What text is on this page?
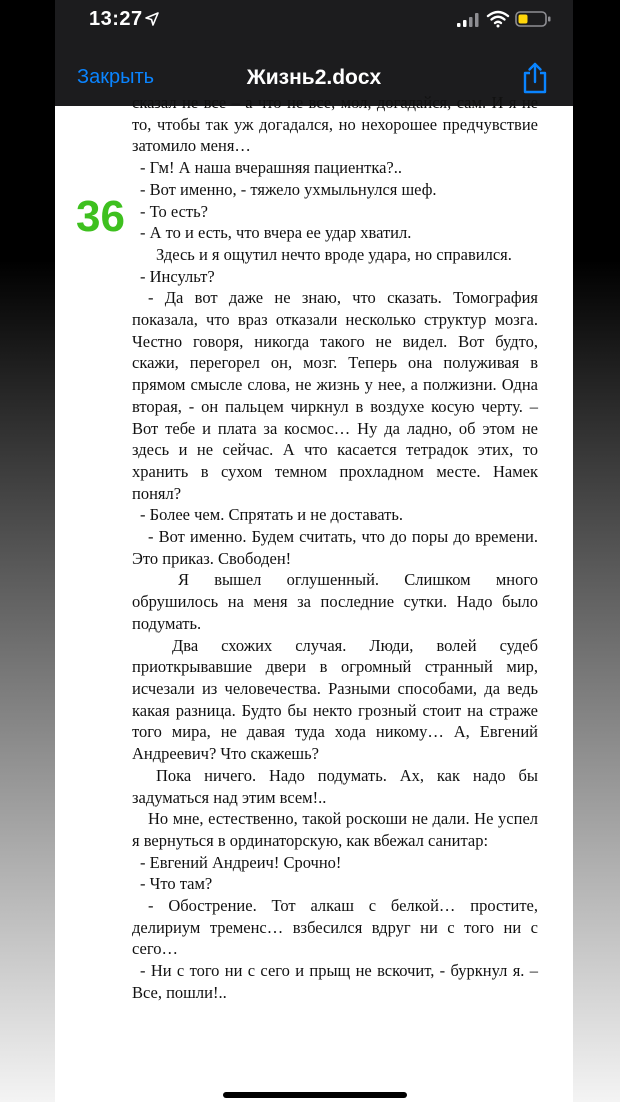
13:27
Закрыть	Жизнь2.docx

сказал не все – а что не все, мол, догадайся, сам. И я не то, чтобы так уж догадался, но нехорошее предчувствие затомило меня…

- Гм! А наша вчерашняя пациентка?..

- Вот именно, - тяжело ухмыльнулся шеф.

- То есть?

- А то и есть, что вчера ее удар хватил.

Здесь и я ощутил нечто вроде удара, но справился.

- Инсульт?

- Да вот даже не знаю, что сказать. Томография показала, что враз отказали несколько структур мозга. Честно говоря, никогда такого не видел. Вот будто, скажи, перегорел он, мозг. Теперь она полуживая в прямом смысле слова, не жизнь у нее, а полжизни. Одна вторая, - он пальцем чиркнул в воздухе косую черту. – Вот тебе и плата за космос… Ну да ладно, об этом не здесь и не сейчас. А что касается тетрадок этих, то хранить в сухом темном прохладном месте. Намек понял?

- Более чем. Спрятать и не доставать.

- Вот именно. Будем считать, что до поры до времени. Это приказ. Свободен!

Я вышел оглушенный. Слишком много обрушилось на меня за последние сутки. Надо было подумать.

Два схожих случая. Люди, волей судеб приоткрывавшие двери в огромный странный мир, исчезали из человечества. Разными способами, да ведь какая разница. Будто бы некто грозный стоит на страже того мира, не давая туда хода никому… А, Евгений Андреевич? Что скажешь?

Пока ничего. Надо подумать. Ах, как надо бы задуматься над этим всем!..

Но мне, естественно, такой роскоши не дали. Не успел я вернуться в ординаторскую, как вбежал санитар:

- Евгений Андреич! Срочно!

- Что там?

- Обострение. Тот алкаш с белкой… простите, делириум тременс… взбесился вдруг ни с того ни с сего…

- Ни с того ни с сего и прыщ не вскочит, - буркнул я. – Все, пошли!..

36
